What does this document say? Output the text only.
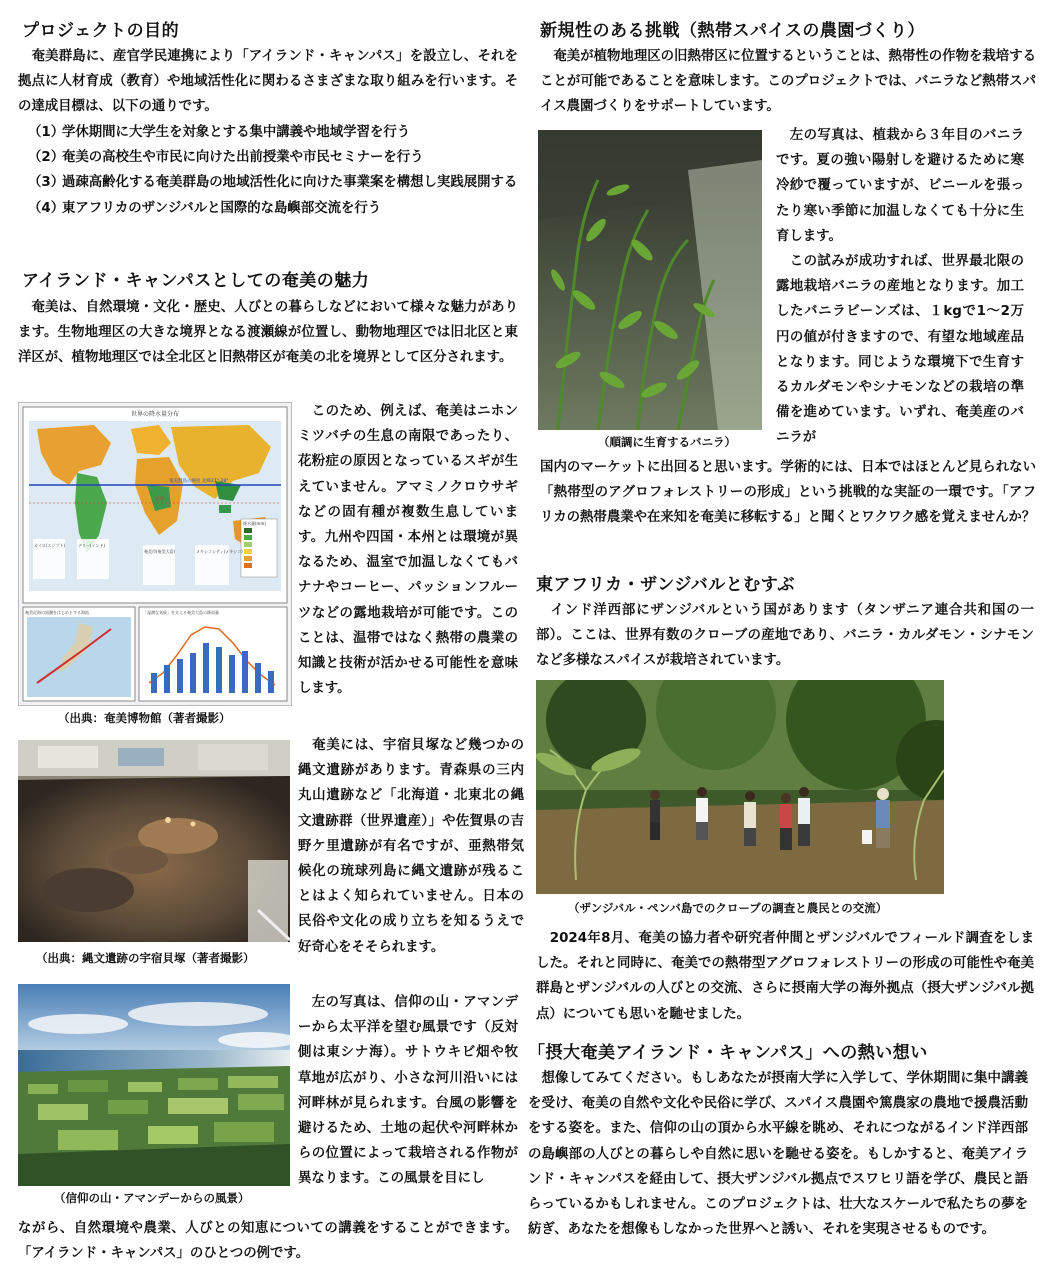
プロジェクトの目的

　奄美群島に、産官学民連携により「アイランド・キャンパス」を設立し、それを拠点に人材育成（教育）や地域活性化に関わるさまざまな取り組みを行います。その達成目標は、以下の通りです。

（1）
学休期間に大学生を対象とする集中講義や地域学習を行う
（2）
奄美の高校生や市民に向けた出前授業や市民セミナーを行う
（3）
過疎高齢化する奄美群島の地域活性化に向けた事業案を構想し実践展開する
（4）
東アフリカのザンジバルと国際的な島嶼部交流を行う
アイランド・キャンパスとしての奄美の魅力

　奄美は、自然環境・文化・歴史、人びとの暮らしなどにおいて様々な魅力があります。生物地理区の大きな境界となる渡瀬線が位置し、動物地理区では旧北区と東洋区が、植物地理区では全北区と旧熱帯区が奄美の北を境界として区分されます。

世界の降水量分布
奄美群島の緯度 北緯27°-28°
赤道
降水量(mm)
カイロ(エジプト)	デリー(インド)
奄美市(奄美大島)	メキシコシティ(メキシコ)
奄美近海の黒潮をはじめとする海流	「湿潤な気候」を支える奄美大島の降雨量
（出典：奄美博物館（著者撮影）
（出典：縄文遺跡の宇宿貝塚（著者撮影）
（信仰の山・アマンデーからの風景）

　このため、例えば、奄美はニホンミツバチの生息の南限であったり、花粉症の原因となっているスギが生えていません。アマミノクロウサギなどの固有種が複数生息しています。九州や四国・本州とは環境が異なるため、温室で加温しなくてもバナナやコーヒー、パッションフルーツなどの露地栽培が可能です。このことは、温帯ではなく熱帯の農業の知識と技術が活かせる可能性を意味します。

　奄美には、宇宿貝塚など幾つかの縄文遺跡があります。青森県の三内丸山遺跡など「北海道・北東北の縄文遺跡群（世界遺産）」や佐賀県の吉野ケ里遺跡が有名ですが、亜熱帯気候化の琉球列島に縄文遺跡が残ることはよく知られていません。日本の民俗や文化の成り立ちを知るうえで好奇心をそそられます。

　左の写真は、信仰の山・アマンデーから太平洋を望む風景です（反対側は東シナ海）。サトウキビ畑や牧草地が広がり、小さな河川沿いには河畔林が見られます。台風の影響を避けるため、土地の起伏や河畔林からの位置によって栽培される作物が異なります。この風景を目にし

ながら、自然環境や農業、人びとの知恵についての講義をすることができます。「アイランド・キャンパス」のひとつの例です。

新規性のある挑戦（熱帯スパイスの農園づくり）

　奄美が植物地理区の旧熱帯区に位置するということは、熱帯性の作物を栽培することが可能であることを意味します。このプロジェクトでは、バニラなど熱帯スパイス農園づくりをサポートしています。

（順調に生育するバニラ）

　左の写真は、植栽から３年目のバニラです。夏の強い陽射しを避けるために寒冷紗で覆っていますが、ビニールを張ったり寒い季節に加温しなくても十分に生育します。
　この試みが成功すれば、世界最北限の露地栽培バニラの産地となります。加工したバニラビーンズは、１kgで1～2万円の値が付きますので、有望な地域産品となります。同じような環境下で生育するカルダモンやシナモンなどの栽培の準備を進めています。いずれ、奄美産のバニラが

国内のマーケットに出回ると思います。学術的には、日本ではほとんど見られない「熱帯型のアグロフォレストリーの形成」という挑戦的な実証の一環です。「アフリカの熱帯農業や在来知を奄美に移転する」と聞くとワクワク感を覚えませんか？

東アフリカ・ザンジバルとむすぶ

　インド洋西部にザンジバルという国があります（タンザニア連合共和国の一部）。ここは、世界有数のクローブの産地であり、バニラ・カルダモン・シナモンなど多様なスパイスが栽培されています。

（ザンジバル・ペンバ島でのクローブの調査と農民との交流）

　2024年8月、奄美の協力者や研究者仲間とザンジバルでフィールド調査をしました。それと同時に、奄美での熱帯型アグロフォレストリーの形成の可能性や奄美群島とザンジバルの人びとの交流、さらに摂南大学の海外拠点（摂大ザンジバル拠点）についても思いを馳せました。

「摂大奄美アイランド・キャンパス」への熱い想い

　想像してみてください。もしあなたが摂南大学に入学して、学休期間に集中講義を受け、奄美の自然や文化や民俗に学び、スパイス農園や篤農家の農地で援農活動をする姿を。また、信仰の山の頂から水平線を眺め、それにつながるインド洋西部の島嶼部の人びとの暮らしや自然に思いを馳せる姿を。もしかすると、奄美アイランド・キャンパスを経由して、摂大ザンジバル拠点でスワヒリ語を学び、農民と語らっているかもしれません。このプロジェクトは、壮大なスケールで私たちの夢を紡ぎ、あなたを想像もしなかった世界へと誘い、それを実現させるものです。
